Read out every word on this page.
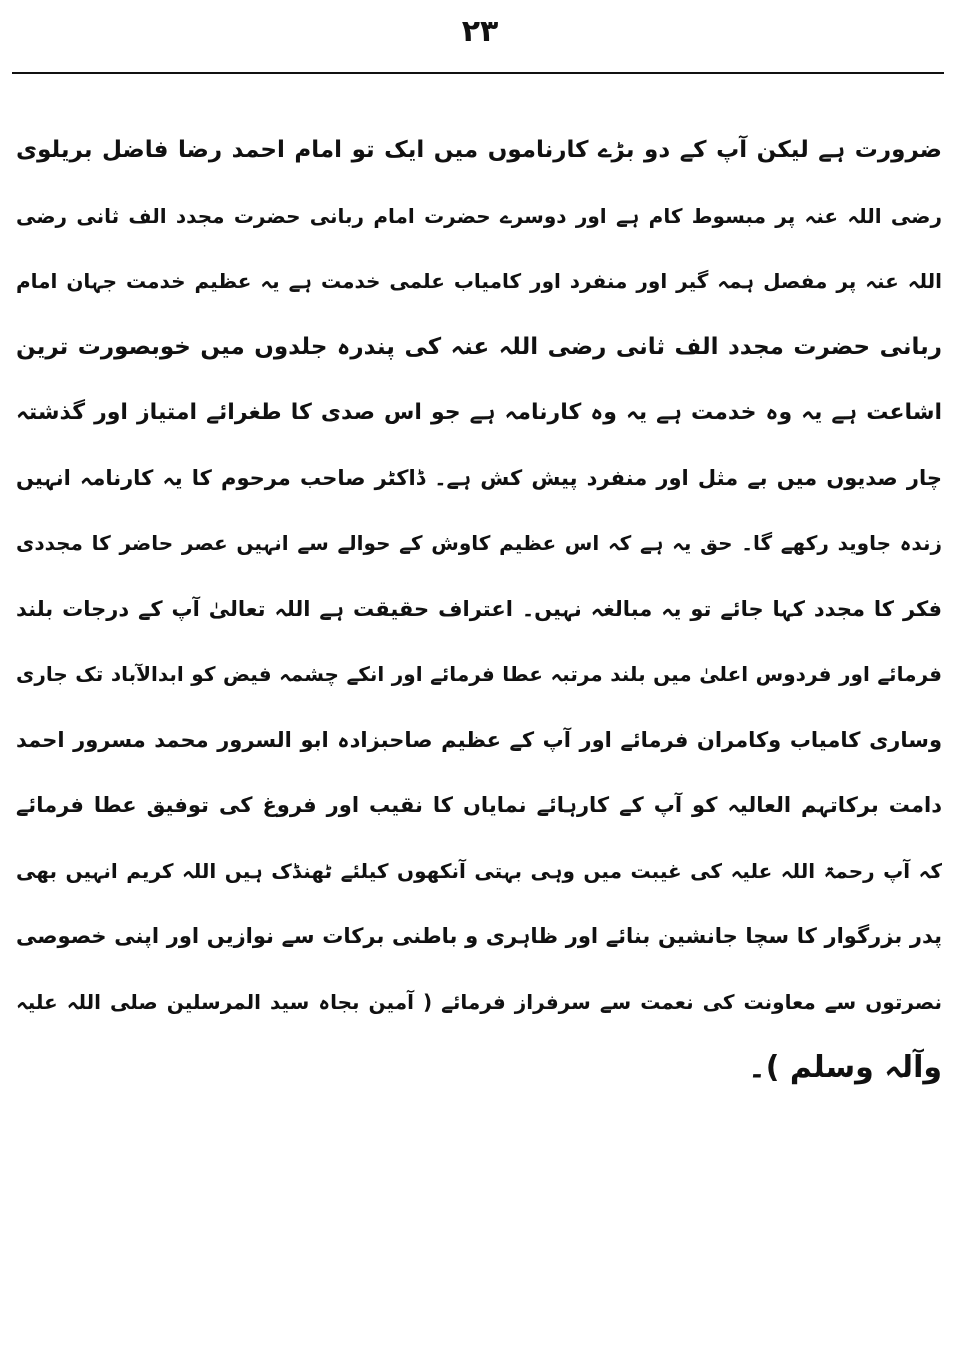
۲۳
ضرورت ہے لیکن آپ کے دو بڑے کارناموں میں ایک تو امام احمد رضا فاضل بریلوی
رضی اللہ عنہ پر مبسوط کام ہے اور دوسرے حضرت امام ربانی حضرت مجدد الف ثانی رضی
اللہ عنہ پر مفصل ہمہ گیر اور منفرد اور کامیاب علمی خدمت ہے یہ عظیم خدمت جہان امام
ربانی حضرت مجدد الف ثانی رضی اللہ عنہ کی پندرہ جلدوں میں خوبصورت ترین
اشاعت ہے یہ وہ خدمت ہے یہ وہ کارنامہ ہے جو اس صدی کا طغرائے امتیاز اور گذشتہ
چار صدیوں میں بے مثل اور منفرد پیش کش ہے۔ ڈاکٹر صاحب مرحوم کا یہ کارنامہ انہیں
زندہ جاوید رکھے گا۔ حق یہ ہے کہ اس عظیم کاوش کے حوالے سے انہیں عصر حاضر کا مجددی
فکر کا مجدد کہا جائے تو یہ مبالغہ نہیں۔ اعتراف حقیقت ہے اللہ تعالیٰ آپ کے درجات بلند
فرمائے اور فردوس اعلیٰ میں بلند مرتبہ عطا فرمائے اور انکے چشمہ فیض کو ابدالآباد تک جاری
وساری کامیاب وکامران فرمائے اور آپ کے عظیم صاحبزادہ ابو السرور محمد مسرور احمد
دامت برکاتہم العالیہ کو آپ کے کارہائے نمایاں کا نقیب اور فروغ کی توفیق عطا فرمائے
کہ آپ رحمۃ اللہ علیہ کی غیبت میں وہی بہتی آنکھوں کیلئے ٹھنڈک ہیں اللہ کریم انہیں بھی
پدر بزرگوار کا سچا جانشین بنائے اور ظاہری و باطنی برکات سے نوازیں اور اپنی خصوصی
نصرتوں سے معاونت کی نعمت سے سرفراز فرمائے ( آمین بجاہ سید المرسلین صلی اللہ علیہ
وآلہ وسلم )۔
